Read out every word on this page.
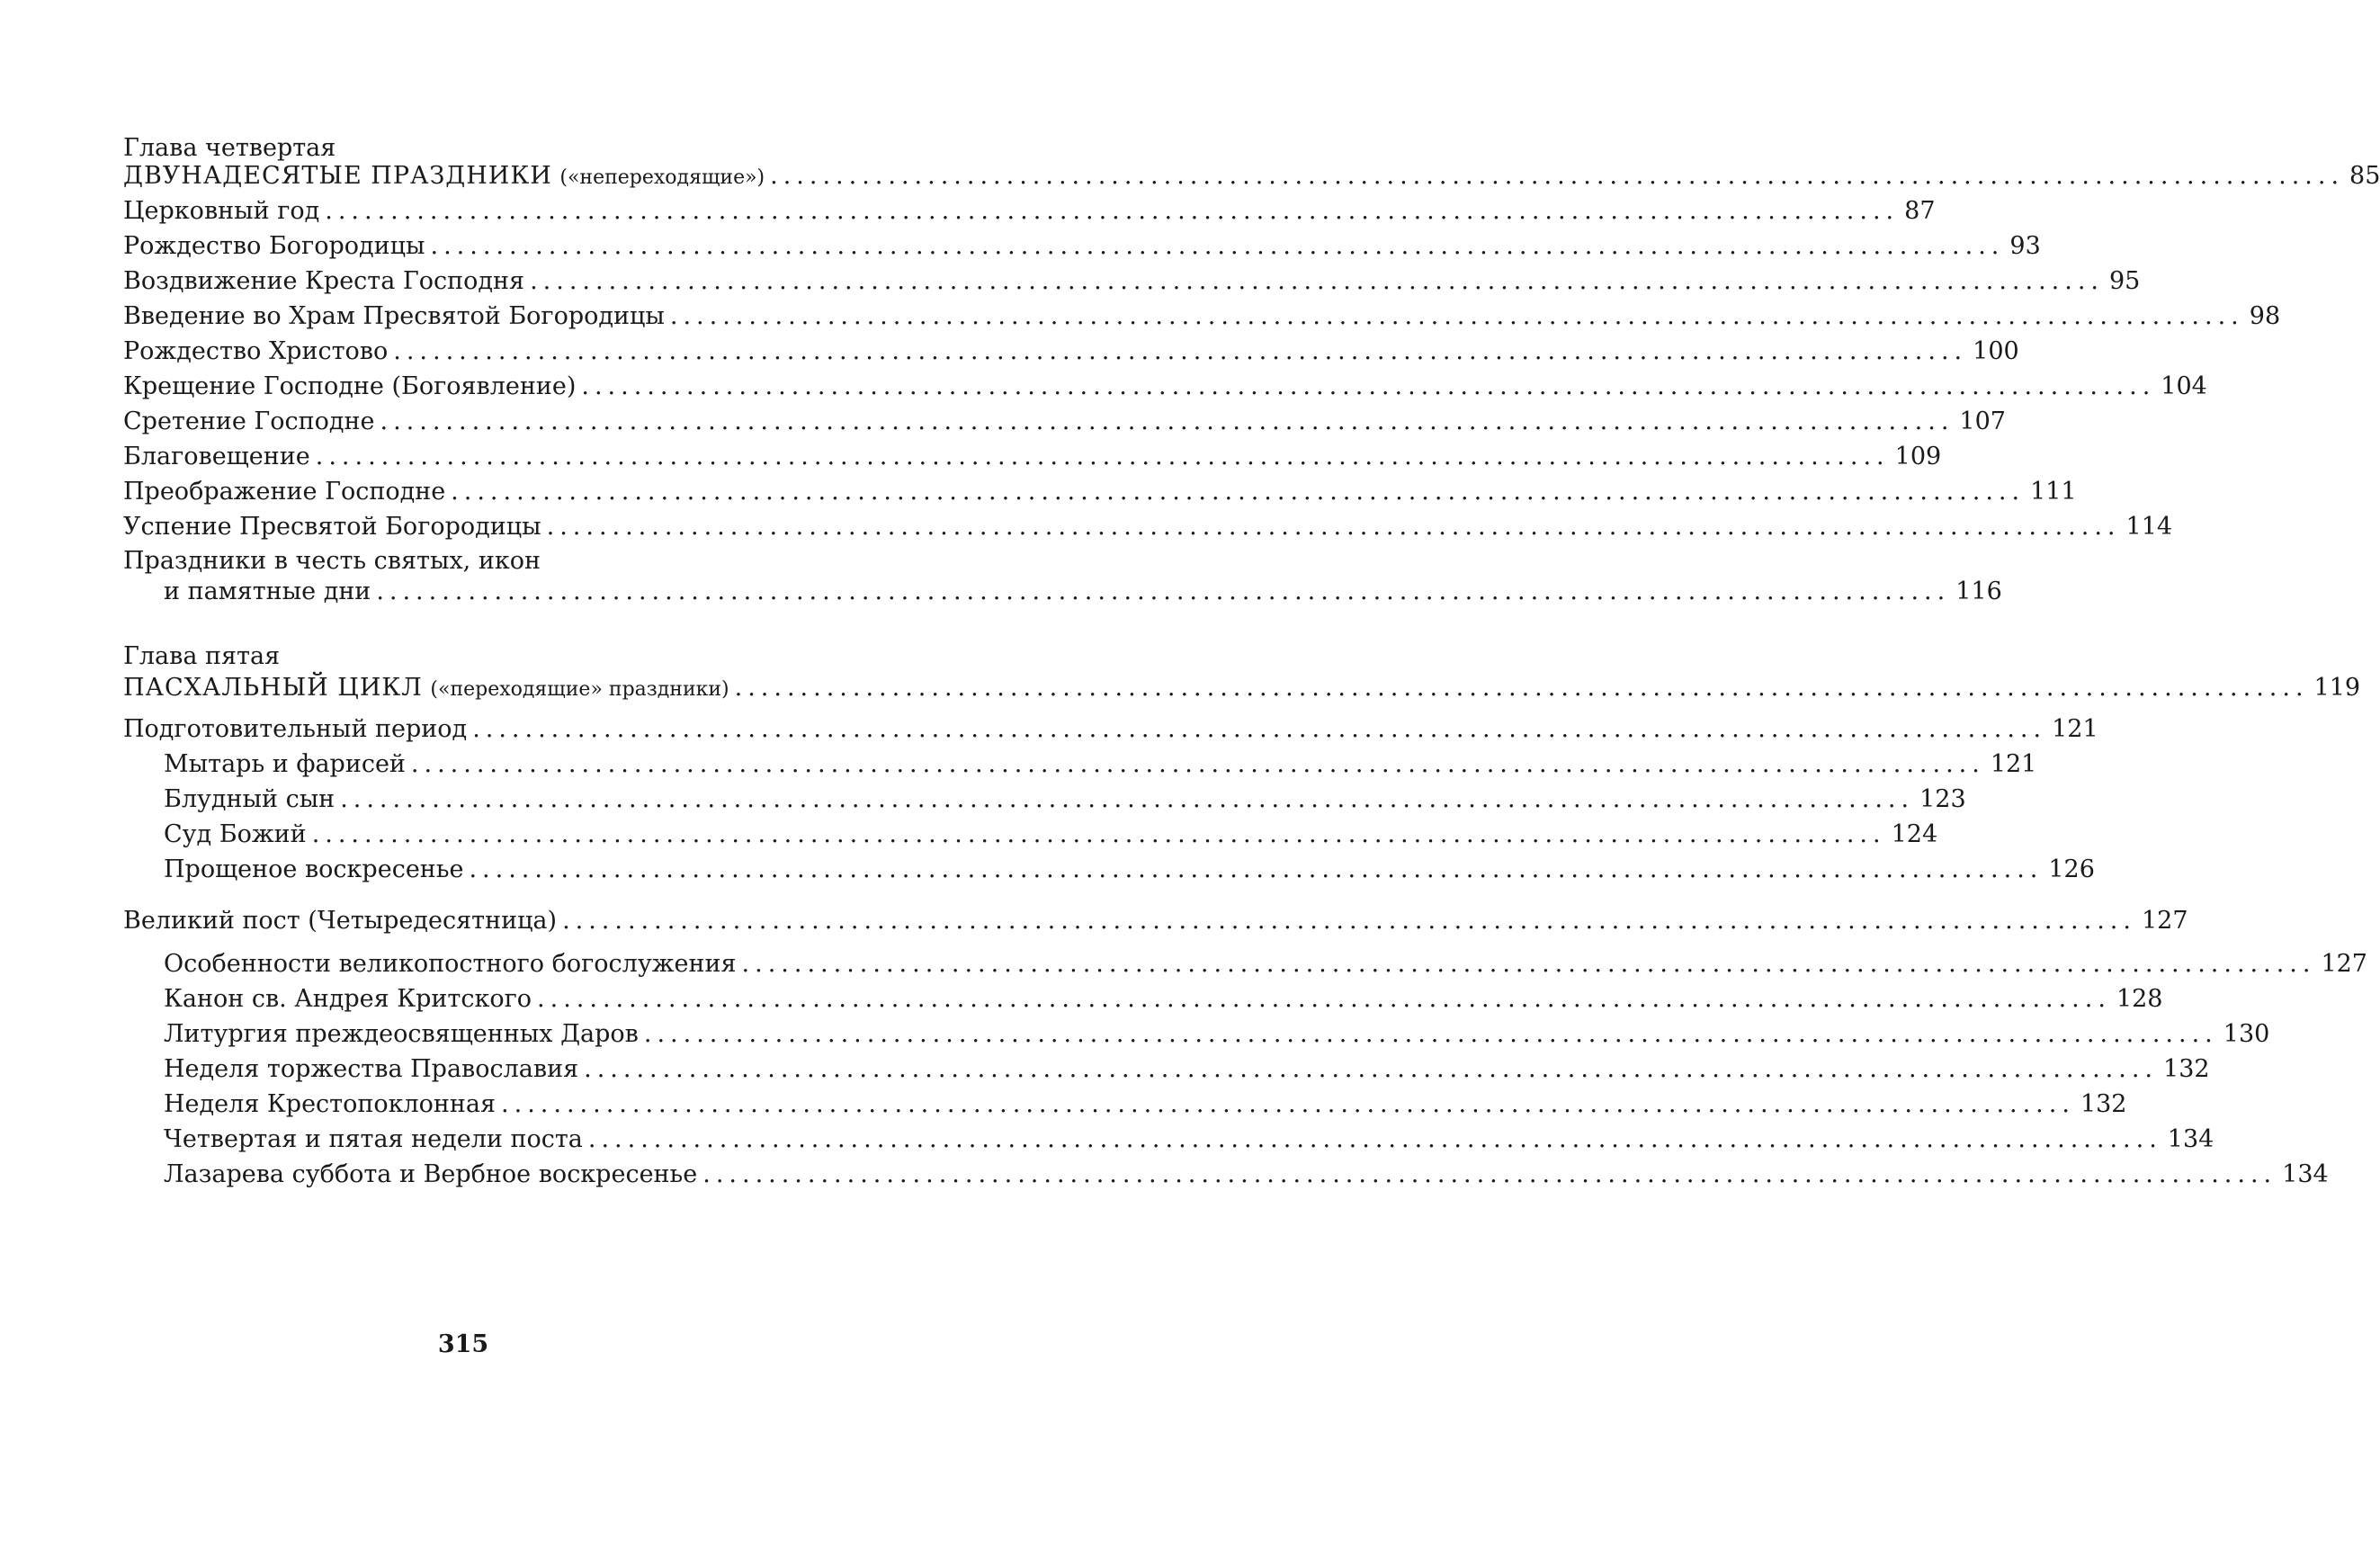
Глава четвертая
ДВУНАДЕСЯТЫЕ ПРАЗДНИКИ («непереходящие») ........................................................................................................................ 85
Церковный год ........................................................................................................................ 87
Рождество Богородицы ........................................................................................................................ 93
Воздвижение Креста Господня ........................................................................................................................ 95
Введение во Храм Пресвятой Богородицы ........................................................................................................................ 98
Рождество Христово ........................................................................................................................ 100
Крещение Господне (Богоявление) ........................................................................................................................ 104
Сретение Господне ........................................................................................................................ 107
Благовещение ........................................................................................................................ 109
Преображение Господне ........................................................................................................................ 111
Успение Пресвятой Богородицы ........................................................................................................................ 114
Праздники в честь святых, икон
и памятные дни ........................................................................................................................ 116
Глава пятая
ПАСХАЛЬНЫЙ ЦИКЛ («переходящие» праздники) ........................................................................................................................ 119
Подготовительный период ........................................................................................................................ 121
Мытарь и фарисей ........................................................................................................................ 121
Блудный сын ........................................................................................................................ 123
Суд Божий ........................................................................................................................ 124
Прощеное воскресенье ........................................................................................................................ 126
Великий пост (Четыредесятница) ........................................................................................................................ 127
Особенности великопостного богослужения ........................................................................................................................ 127
Канон св. Андрея Критского ........................................................................................................................ 128
Литургия преждеосвященных Даров ........................................................................................................................ 130
Неделя торжества Православия ........................................................................................................................ 132
Неделя Крестопоклонная ........................................................................................................................ 132
Четвертая и пятая недели поста ........................................................................................................................ 134
Лазарева суббота и Вербное воскресенье ........................................................................................................................ 134
315
